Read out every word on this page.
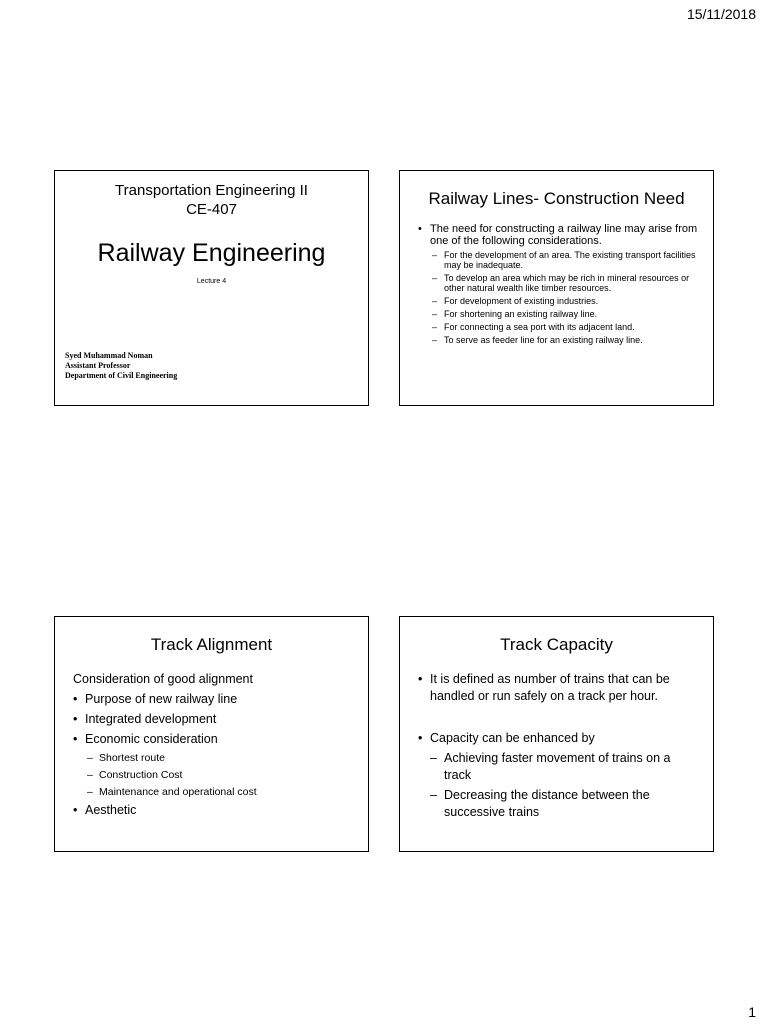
15/11/2018
Transportation Engineering II
CE-407
Railway Engineering
Lecture 4
Syed Muhammad Noman
Assistant Professor
Department of Civil Engineering
Railway Lines- Construction Need
• The need for constructing a railway line may arise from one of the following considerations.
– For the development of an area. The existing transport facilities may be inadequate.
– To develop an area which may be rich in mineral resources or other natural wealth like timber resources.
– For development of existing industries.
– For shortening an existing railway line.
– For connecting a sea port with its adjacent land.
– To serve as feeder line for an existing railway line.
Track Alignment
Consideration of good alignment
• Purpose of new railway line
• Integrated development
• Economic consideration
– Shortest route
– Construction Cost
– Maintenance and operational cost
• Aesthetic
Track Capacity
• It is defined as number of trains that can be handled or run safely on a track per hour.
• Capacity can be enhanced by
– Achieving faster movement of trains on a track
– Decreasing the distance between the successive trains
1
